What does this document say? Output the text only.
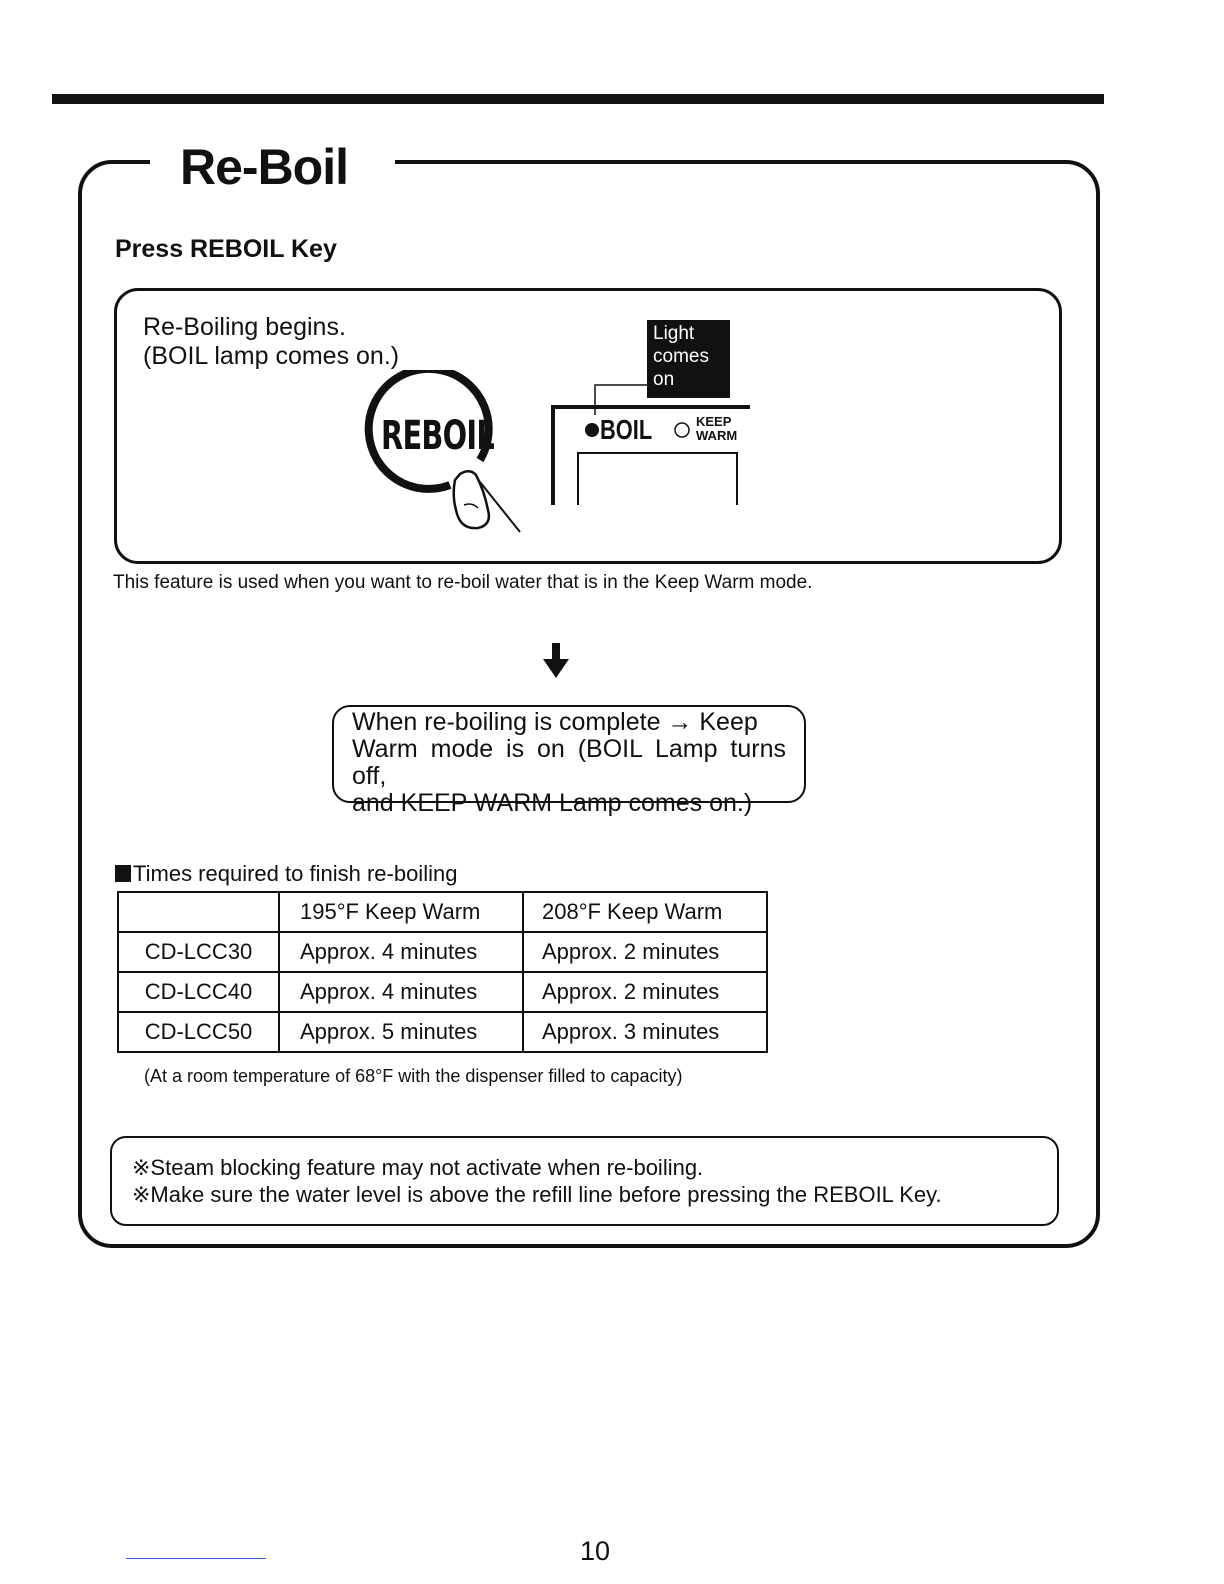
Re-Boil
Press REBOIL Key
Re-Boiling begins.
(BOIL lamp comes on.)
REBOIL
Light
comes
on
BOIL	KEEP
WARM
This feature is used when you want to re-boil water that is in the Keep Warm mode.
When re-boiling is complete → Keep
Warm mode is on (BOIL Lamp turns off,
and KEEP WARM Lamp comes on.)
Times required to finish re-boiling
	195°F Keep Warm	208°F Keep Warm
CD-LCC30	Approx. 4 minutes	Approx. 2 minutes
CD-LCC40	Approx. 4 minutes	Approx. 2 minutes
CD-LCC50	Approx. 5 minutes	Approx. 3 minutes
(At a room temperature of 68°F with the dispenser filled to capacity)
※Steam blocking feature may not activate when re-boiling.
※Make sure the water level is above the refill line before pressing the REBOIL Key.
10
